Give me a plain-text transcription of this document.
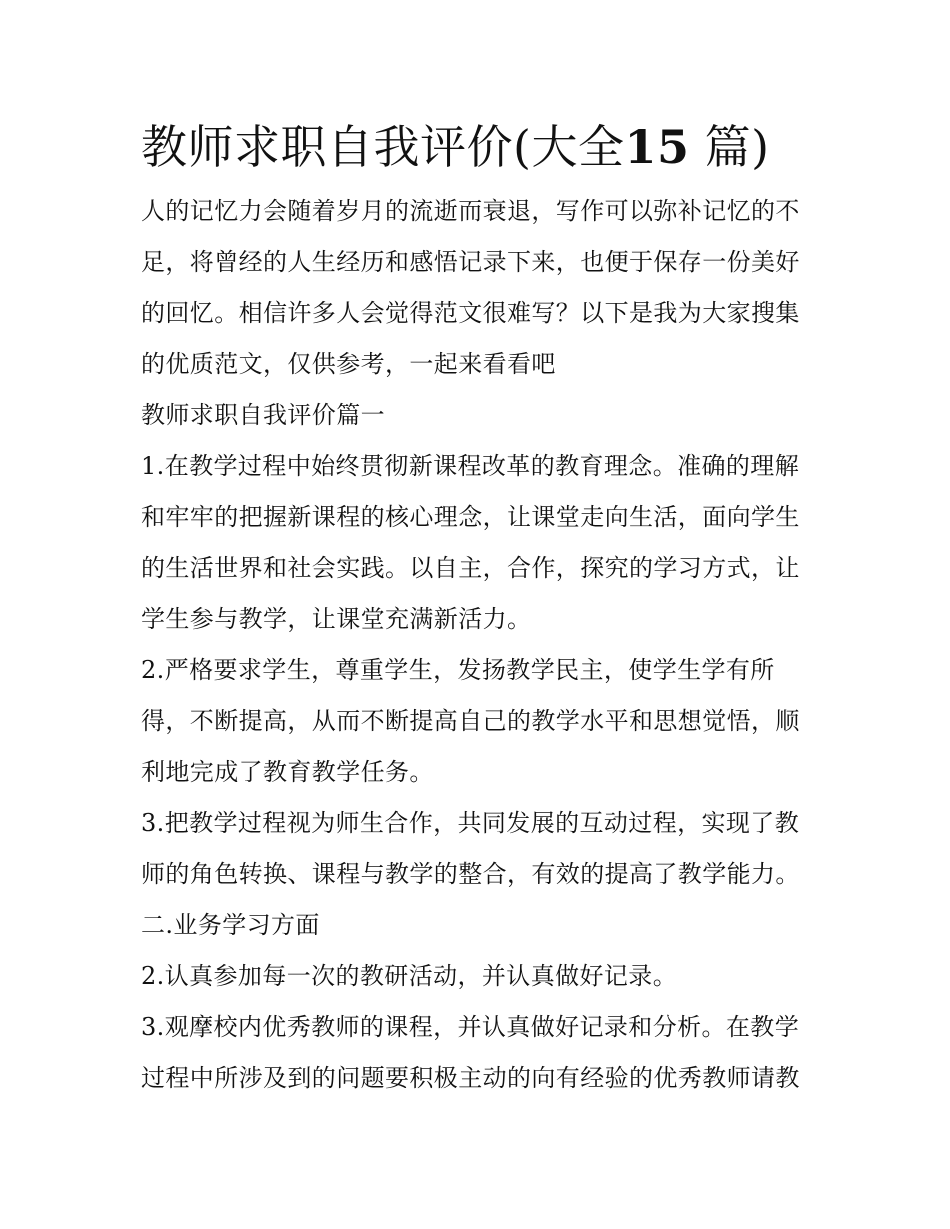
教师求职自我评价(大全15 篇)

人的记忆力会随着岁月的流逝而衰退，写作可以弥补记忆的不足，将曾经的人生经历和感悟记录下来，也便于保存一份美好的回忆。相信许多人会觉得范文很难写？以下是我为大家搜集的优质范文，仅供参考，一起来看看吧

教师求职自我评价篇一

1.在教学过程中始终贯彻新课程改革的教育理念。准确的理解和牢牢的把握新课程的核心理念，让课堂走向生活，面向学生的生活世界和社会实践。以自主，合作，探究的学习方式，让学生参与教学，让课堂充满新活力。

2.严格要求学生，尊重学生，发扬教学民主，使学生学有所得，不断提高，从而不断提高自己的教学水平和思想觉悟，顺利地完成了教育教学任务。

3.把教学过程视为师生合作，共同发展的互动过程，实现了教师的角色转换、课程与教学的整合，有效的提高了教学能力。

二.业务学习方面

2.认真参加每一次的教研活动，并认真做好记录。

3.观摩校内优秀教师的课程，并认真做好记录和分析。在教学过程中所涉及到的问题要积极主动的向有经验的优秀教师请教
